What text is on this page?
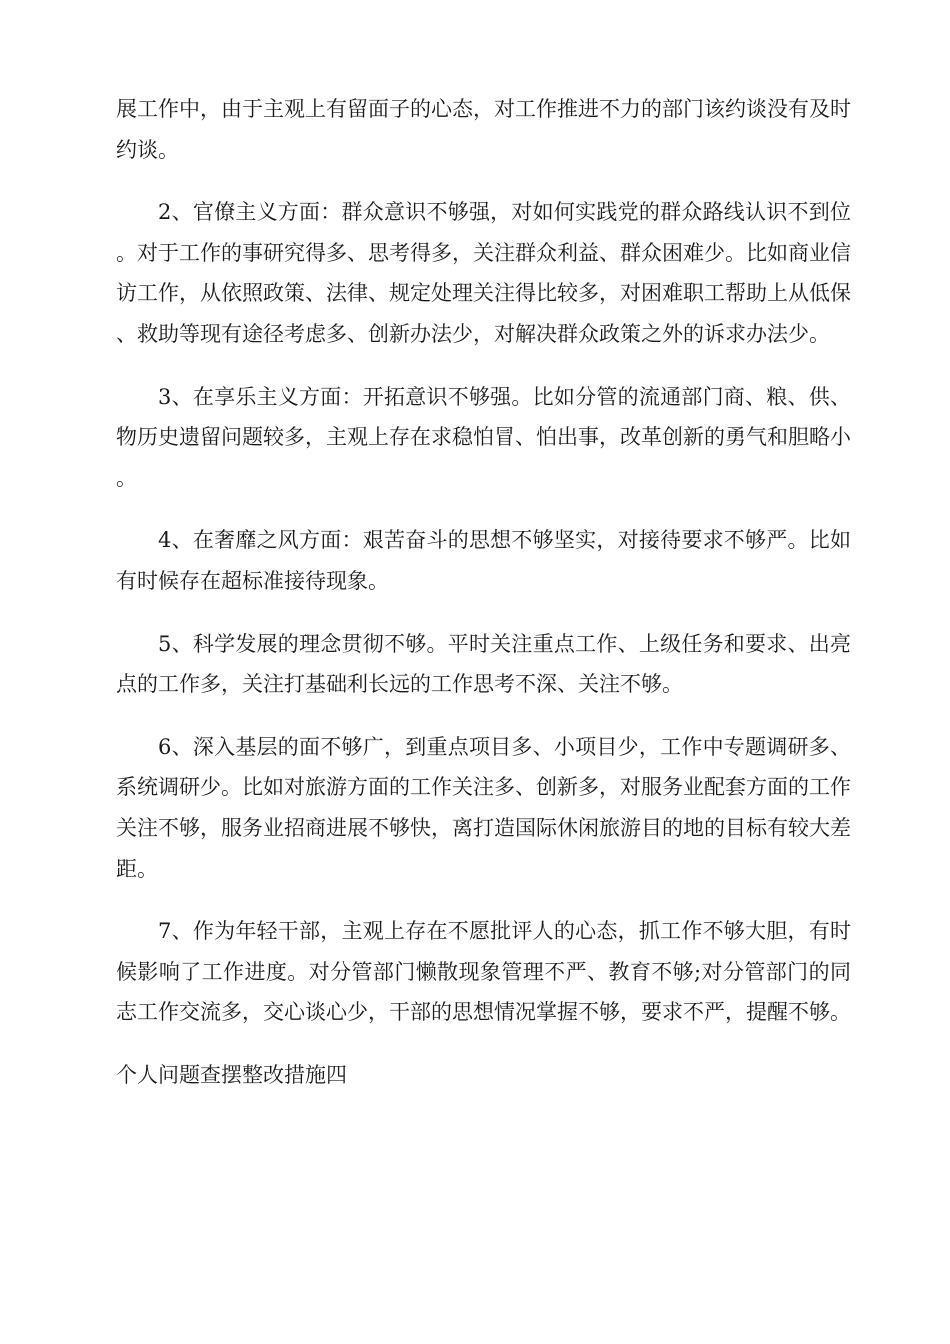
展工作中，由于主观上有留面子的心态，对工作推进不力的部门该约谈没有及时约谈。

2、官僚主义方面：群众意识不够强，对如何实践党的群众路线认识不到位。对于工作的事研究得多、思考得多，关注群众利益、群众困难少。比如商业信访工作，从依照政策、法律、规定处理关注得比较多，对困难职工帮助上从低保、救助等现有途径考虑多、创新办法少，对解决群众政策之外的诉求办法少。

3、在享乐主义方面：开拓意识不够强。比如分管的流通部门商、粮、供、物历史遗留问题较多，主观上存在求稳怕冒、怕出事，改革创新的勇气和胆略小。

4、在奢靡之风方面：艰苦奋斗的思想不够坚实，对接待要求不够严。比如有时候存在超标准接待现象。

5、科学发展的理念贯彻不够。平时关注重点工作、上级任务和要求、出亮点的工作多，关注打基础利长远的工作思考不深、关注不够。

6、深入基层的面不够广，到重点项目多、小项目少，工作中专题调研多、系统调研少。比如对旅游方面的工作关注多、创新多，对服务业配套方面的工作关注不够，服务业招商进展不够快，离打造国际休闲旅游目的地的目标有较大差距。

7、作为年轻干部，主观上存在不愿批评人的心态，抓工作不够大胆，有时候影响了工作进度。对分管部门懒散现象管理不严、教育不够;对分管部门的同志工作交流多，交心谈心少，干部的思想情况掌握不够，要求不严，提醒不够。

个人问题查摆整改措施四
